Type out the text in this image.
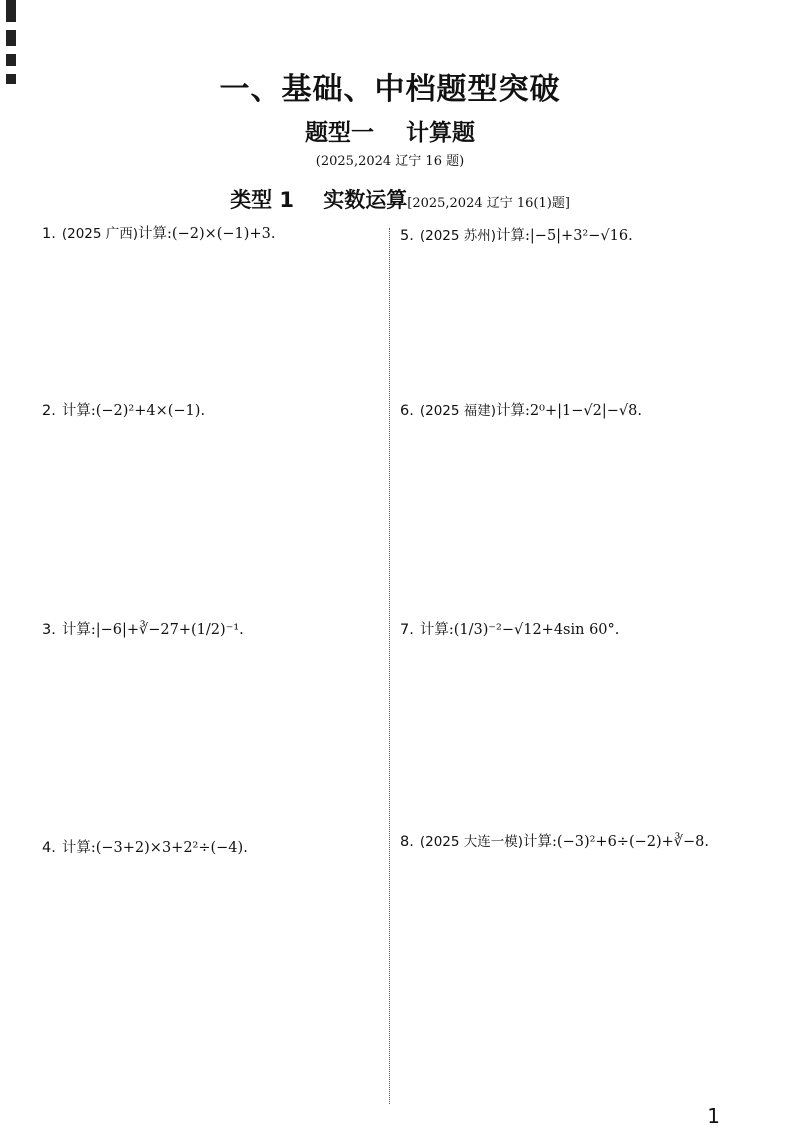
一、基础、中档题型突破
题型一    计算题
(2025,2024 辽宁 16 题)
类型 1    实数运算[2025,2024 辽宁 16(1)题]
1. (2025 广西)计算:(−2)×(−1)+3.
2. 计算:(−2)²+4×(−1).
3. 计算:|−6|+∛−27+(1/2)⁻¹.
4. 计算:(−3+2)×3+2²÷(−4).
5. (2025 苏州)计算:|−5|+3²−√16.
6. (2025 福建)计算:2⁰+|1−√2|−√8.
7. 计算:(1/3)⁻²−√12+4sin 60°.
8. (2025 大连一模)计算:(−3)²+6÷(−2)+∛−8.
1
